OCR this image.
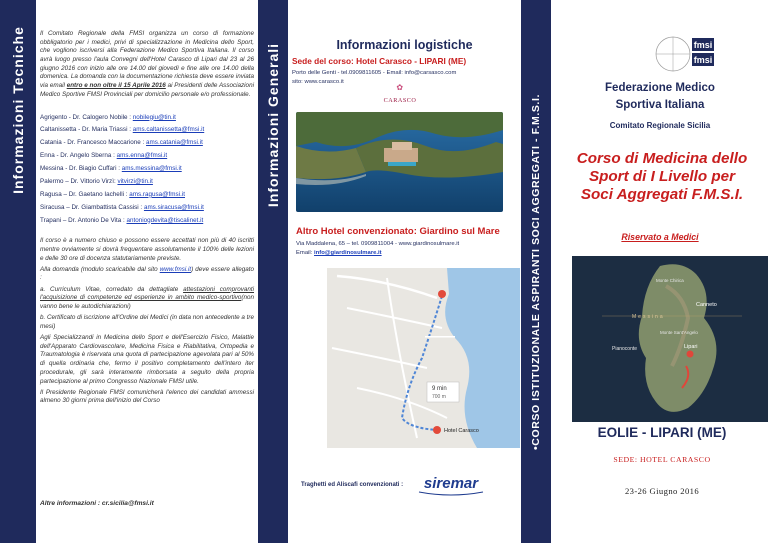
Informazioni Tecniche	Informazioni Generali	•CORSO ISTITUZIONALE ASPIRANTI SOCI AGGREGATI - F.M.S.I.

Il Comitato Regionale della FMSI organizza un corso di formazione obbligatorio per i medici, privi di specializzazione in Medicina dello Sport, che vogliono iscriversi alla Federazione Medico Sportiva Italiana. Il corso avrà luogo presso l'aula Convegni dell'Hotel Carasco di Lipari dal 23 al 26 giugno 2016 con inizio alle ore 14.00 del giovedì e fine alle ore 14.00 della domenica. La domanda con la documentazione richiesta deve essere inviata via email entro e non oltre il 15 Aprile 2016 ai Presidenti delle Associazioni Medico Sportive FMSI Provinciali per domicilio personale e/o professionale.

Agrigento - Dr. Calogero Nobile : nobilegiu@tin.it
Caltanissetta - Dr. Maria Triassi : ams.caltanissetta@fmsi.it
Catania - Dr. Francesco Maccarione : ams.catania@fmsi.it
Enna - Dr. Angelo Sberna : ams.enna@fmsi.it
Messina - Dr. Biagio Cuffari : ams.messina@fmsi.it
Palermo – Dr. Vittorio Virzì: vitvirzi@tin.it
Ragusa – Dr. Gaetano Iachelli : ams.ragusa@fmsi.it
Siracusa – Dr. Giambattista Cassisi : ams.siracusa@fmsi.it
Trapani – Dr. Antonio De Vita : antoniogdevita@tiscalinet.it

Il corso è a numero chiuso e possono essere accettati non più di 40 iscritti mentre ovviamente si dovrà frequentare assolutamente il 100% delle lezioni e delle 30 ore di docenza statutariamente previste.

Alla domanda (modulo scaricabile dal sito www.fmsi.it) deve essere allegato :

a. Curriculum Vitae, corredato da dettagliate attestazioni comprovanti l'acquisizione di competenze ed esperienze in ambito medico-sportivo(non vanno bene le autodichiarazioni)

b. Certificato di iscrizione all'Ordine dei Medici (in data non antecedente a tre mesi)

Agli Specializzandi in Medicina dello Sport e dell'Esercizio Fisico, Malattie dell'Apparato Cardiovascolare, Medicina Fisica e Riabilitativa, Ortopedia e Traumatologia è riservata una quota di partecipazione agevolata pari al 50% di quella ordinaria che, fermo il positivo completamento dell'intero iter procedurale, gli sarà interamente rimborsata a seguito della propria partecipazione al primo Congresso Nazionale FMSI utile.

Il Presidente Regionale FMSI comunicherà l'elenco dei candidati ammessi almeno 30 giorni prima dell'inizio del Corso

Altre informazioni : cr.sicilia@fmsi.it
Informazioni logistiche
Sede del corso: Hotel Carasco - LIPARI (ME)
Porto delle Genti - tel.0909811605 - Email: info@carsasco.com
sito: www.carasco.it
✿
CARASCO
Altro Hotel convenzionato: Giardino sul Mare
Via Maddalena, 65 – tel. 0909811004 - www.giardinosulmare.it
Email: info@giardinosulmare.it
9 min
700 m
Hotel Carasco
Traghetti ed Aliscafi convenzionati : siremar
fmsi
fmsi
Federazione Medico
Sportiva Italiana
Comitato Regionale Sicilia
Corso di Medicina dello
Sport di I Livello per
Soci Aggregati F.M.S.I.
Riservato a Medici
Monte Chirica
Canneto
Lipari
Pianoconte
Monte Sant'Angelo
Messina
EOLIE - LIPARI (ME)
SEDE: HOTEL CARASCO
23-26 Giugno 2016
